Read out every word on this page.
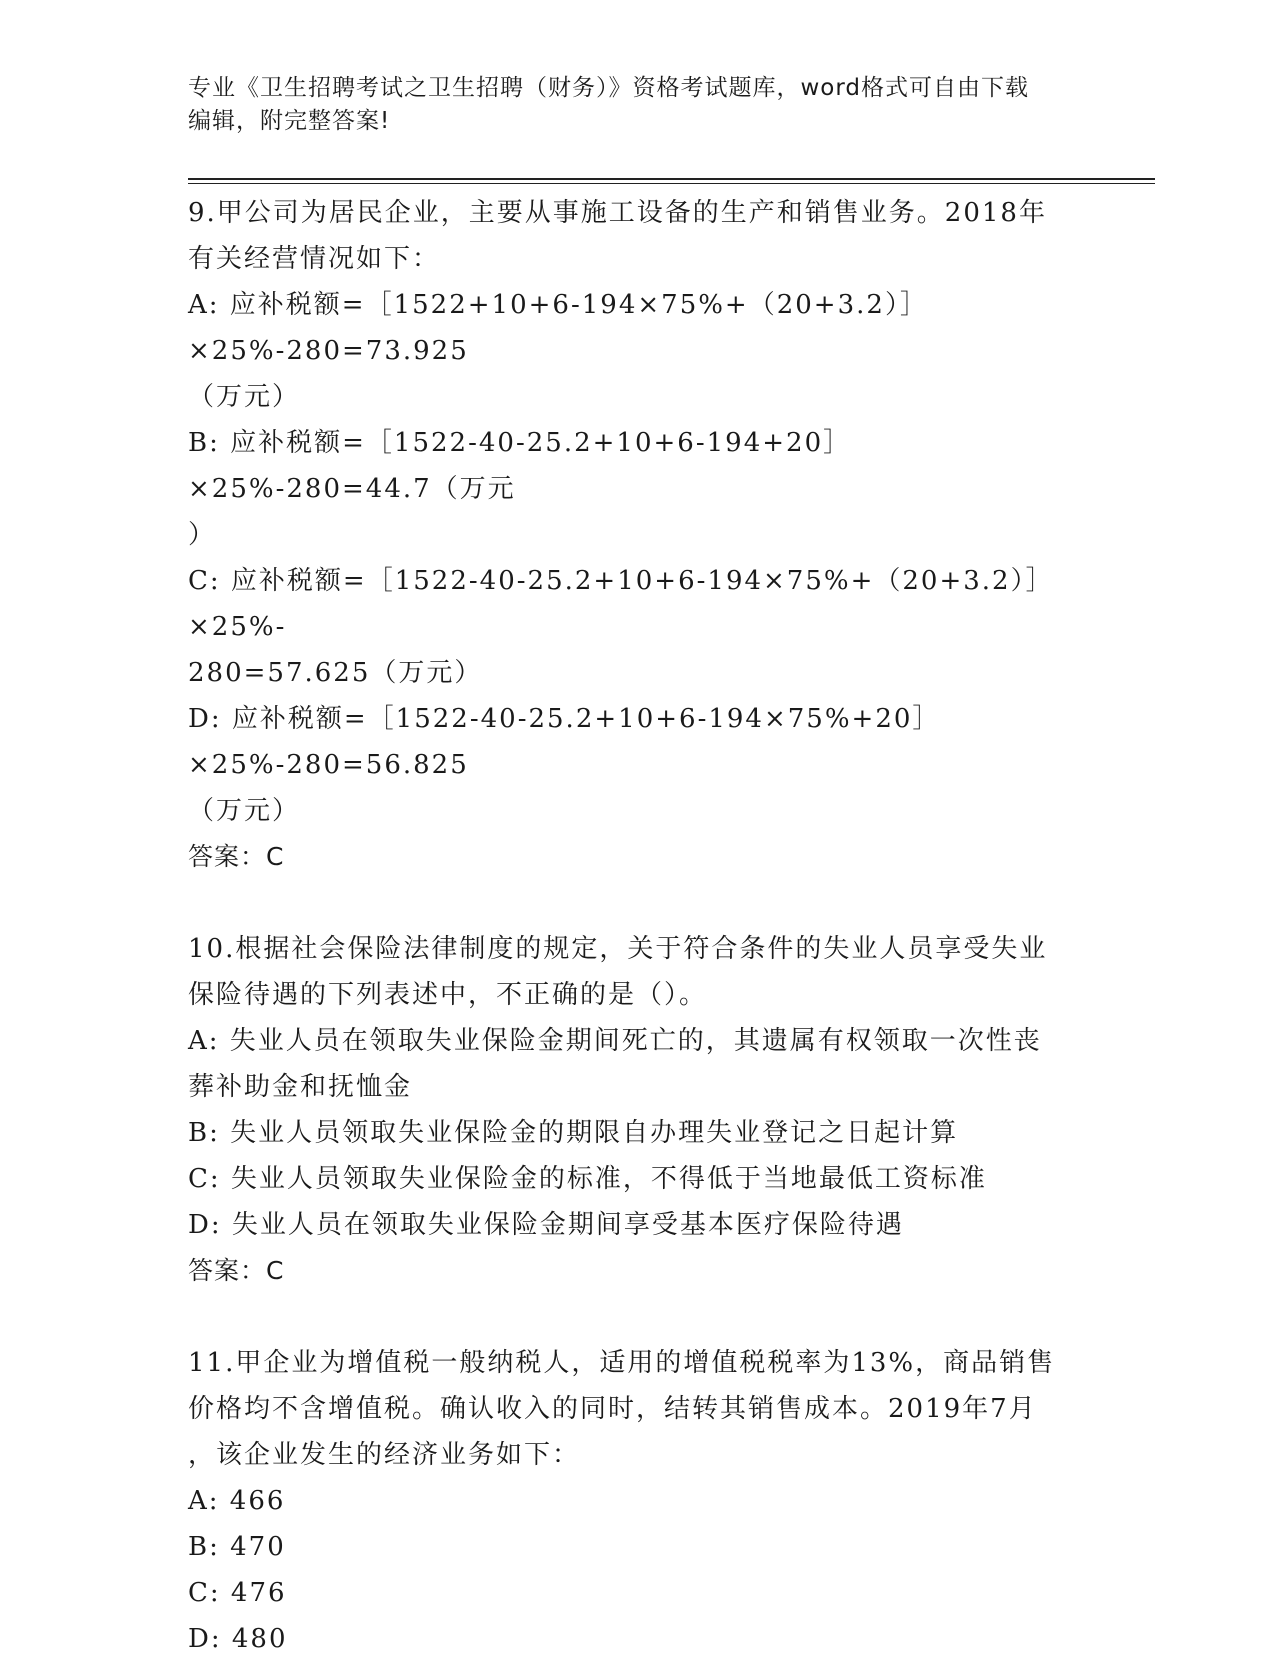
专业《卫生招聘考试之卫生招聘（财务）》资格考试题库，word格式可自由下载
编辑，附完整答案!
9.甲公司为居民企业，主要从事施工设备的生产和销售业务。2018年
有关经营情况如下：
A: 应补税额=［1522+10+6-194×75%+（20+3.2）］×25%-280=73.925
（万元）
B: 应补税额=［1522-40-25.2+10+6-194+20］×25%-280=44.7（万元
）
C: 应补税额=［1522-40-25.2+10+6-194×75%+（20+3.2）］×25%-
280=57.625（万元）
D: 应补税额=［1522-40-25.2+10+6-194×75%+20］×25%-280=56.825
（万元）
答案：C
10.根据社会保险法律制度的规定，关于符合条件的失业人员享受失业
保险待遇的下列表述中，不正确的是（）。
A: 失业人员在领取失业保险金期间死亡的，其遗属有权领取一次性丧
葬补助金和抚恤金
B: 失业人员领取失业保险金的期限自办理失业登记之日起计算
C: 失业人员领取失业保险金的标准，不得低于当地最低工资标准
D: 失业人员在领取失业保险金期间享受基本医疗保险待遇
答案：C
11.甲企业为增值税一般纳税人，适用的增值税税率为13%，商品销售
价格均不含增值税。确认收入的同时，结转其销售成本。2019年7月
，该企业发生的经济业务如下：
A: 466
B: 470
C: 476
D: 480
